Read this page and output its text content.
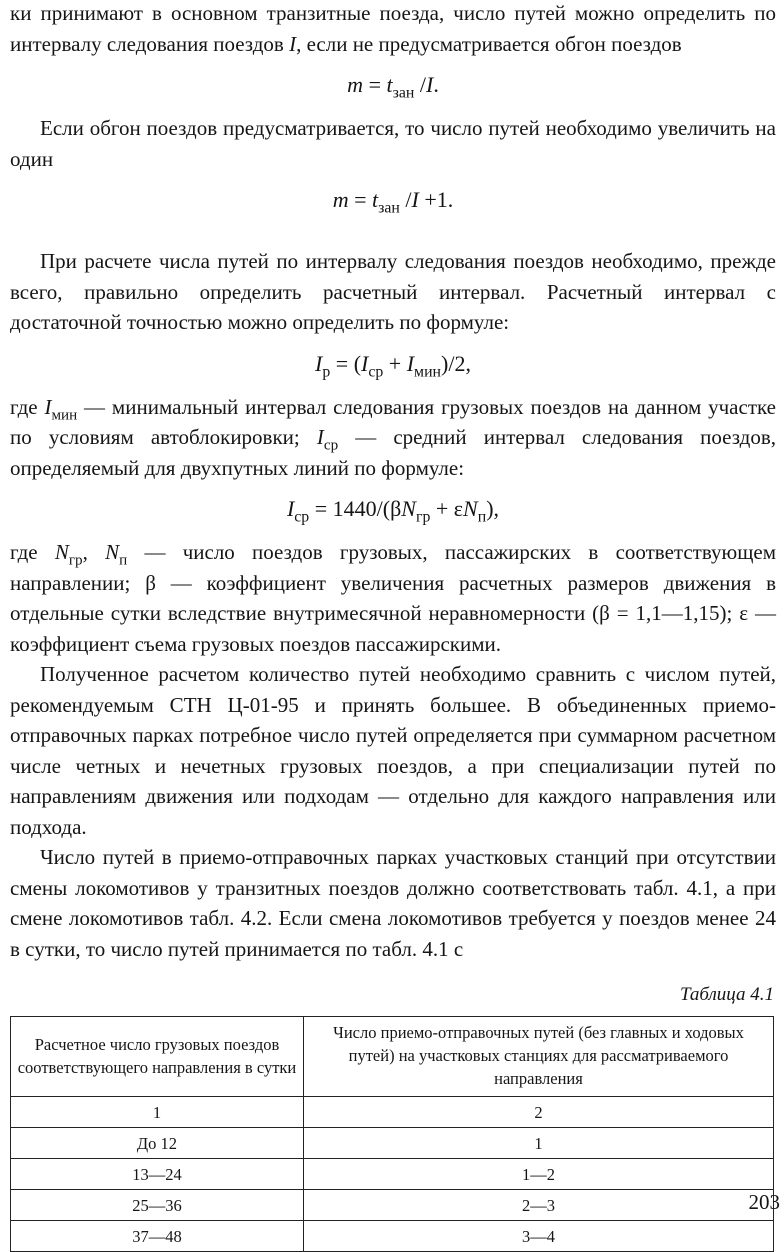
ки принимают в основном транзитные поезда, число путей можно определить по интервалу следования поездов I, если не предусматривается обгон поездов

$m = t_{зан}$ /I.

Если обгон поездов предусматривается, то число путей необходимо увеличить на один

$m = t_{зан}$ /I +1.

При расчете числа путей по интервалу следования поездов необходимо, прежде всего, правильно определить расчетный интервал. Расчетный интервал с достаточной точностью можно определить по формуле:

$I_р = (I_{ср} + I_{мин})/2$,

где $I_{мин}$ — минимальный интервал следования грузовых поездов на данном участке по условиям автоблокировки; $I_{ср}$ — средний интервал следования поездов, определяемый для двухпутных линий по формуле:

$I_{ср} = 1440/(\beta N_{гр} + \varepsilon N_п)$,

где $N_{гр}$, $N_п$ — число поездов грузовых, пассажирских в соответствующем направлении; β — коэффициент увеличения расчетных размеров движения в отдельные сутки вследствие внутримесячной неравномерности (β = 1,1—1,15); ε — коэффициент съема грузовых поездов пассажирскими.

Полученное расчетом количество путей необходимо сравнить с числом путей, рекомендуемым СТН Ц-01-95 и принять большее. В объединенных приемо-отправочных парках потребное число путей определяется при суммарном расчетном числе четных и нечетных грузовых поездов, а при специализации путей по направлениям движения или подходам — отдельно для каждого направления или подхода.

Число путей в приемо-отправочных парках участковых станций при отсутствии смены локомотивов у транзитных поездов должно соответствовать табл. 4.1, а при смене локомотивов табл. 4.2. Если смена локомотивов требуется у поездов менее 24 в сутки, то число путей принимается по табл. 4.1 с

Таблица 4.1
Расчетное число грузовых поездов соответствующего направления в сутки	Число приемо-отправочных путей (без главных и ходовых путей) на участковых станциях для рассматриваемого направления
1	2
До 12	1
13—24	1—2
25—36	2—3
37—48	3—4
203
